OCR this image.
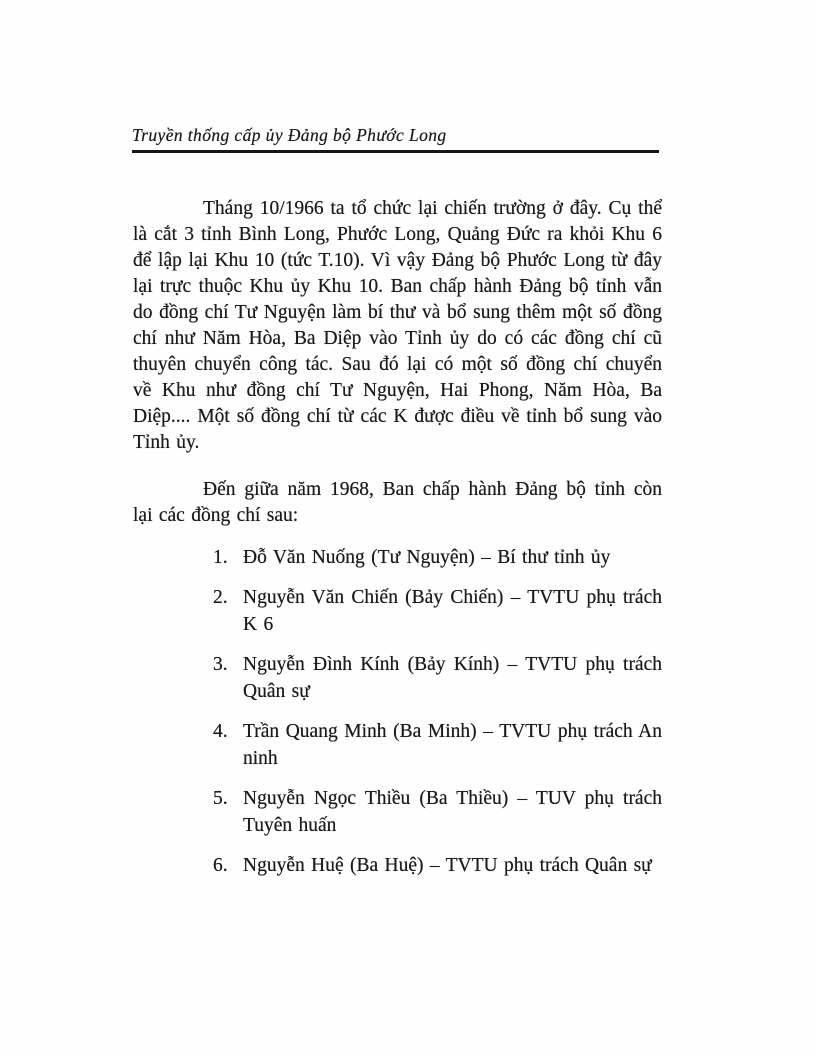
Truyền thống cấp ủy Đảng bộ Phước Long

Tháng 10/1966 ta tổ chức lại chiến trường ở đây. Cụ thể là cắt 3 tỉnh Bình Long, Phước Long, Quảng Đức ra khỏi Khu 6 để lập lại Khu 10 (tức T.10). Vì vậy Đảng bộ Phước Long từ đây lại trực thuộc Khu ủy Khu 10. Ban chấp hành Đảng bộ tỉnh vẫn do đồng chí Tư Nguyện làm bí thư và bổ sung thêm một số đồng chí như Năm Hòa, Ba Diệp vào Tỉnh ủy do có các đồng chí cũ thuyên chuyển công tác. Sau đó lại có một số đồng chí chuyển về Khu như đồng chí Tư Nguyện, Hai Phong, Năm Hòa, Ba Diệp.... Một số đồng chí từ các K được điều về tỉnh bổ sung vào Tỉnh ủy.

Đến giữa năm 1968, Ban chấp hành Đảng bộ tỉnh còn lại các đồng chí sau:

1. Đỗ Văn Nuống (Tư Nguyện) – Bí thư tỉnh ủy
2. Nguyễn Văn Chiến (Bảy Chiến) – TVTU phụ trách K 6
3. Nguyễn Đình Kính (Bảy Kính) – TVTU phụ trách Quân sự
4. Trần Quang Minh (Ba Minh) – TVTU phụ trách An ninh
5. Nguyễn Ngọc Thiều (Ba Thiều) – TUV phụ trách Tuyên huấn
6. Nguyễn Huệ (Ba Huệ) – TVTU phụ trách Quân sự
